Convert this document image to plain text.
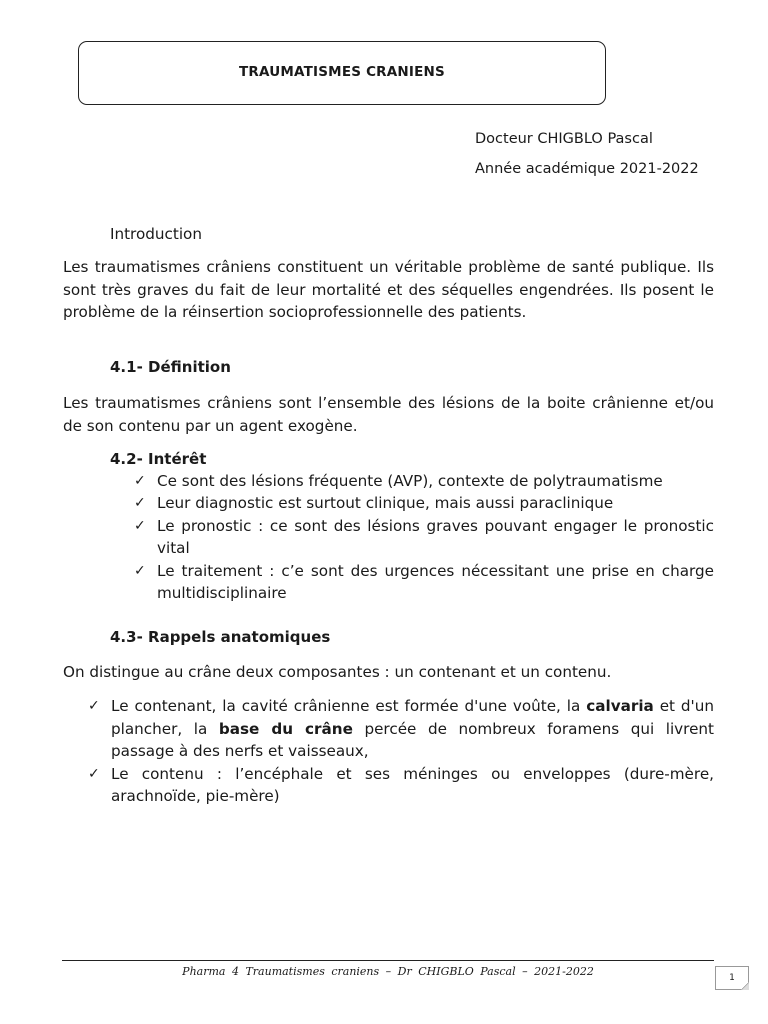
TRAUMATISMES CRANIENS
Docteur CHIGBLO Pascal
Année académique 2021-2022
Introduction
Les traumatismes crâniens constituent un véritable problème de santé publique. Ils sont très graves du fait de leur mortalité et des séquelles engendrées. Ils posent le problème de la réinsertion socioprofessionnelle des patients.
4.1- Définition
Les traumatismes crâniens sont l’ensemble des lésions de la boite crânienne et/ou de son contenu par un agent exogène.
4.2- Intérêt
✓ Ce sont des lésions fréquente (AVP), contexte de polytraumatisme
✓ Leur diagnostic est surtout clinique, mais aussi paraclinique
✓ Le pronostic : ce sont des lésions graves pouvant engager le pronostic vital
✓ Le traitement : c’e sont des urgences nécessitant une prise en charge multidisciplinaire
4.3- Rappels anatomiques
On distingue au crâne deux composantes : un contenant et un contenu.
✓ Le contenant, la cavité crânienne est formée d'une voûte, la calvaria et d'un plancher, la base du crâne percée de nombreux foramens qui livrent passage à des nerfs et vaisseaux,
✓ Le contenu : l’encéphale et ses méninges ou enveloppes (dure-mère, arachnoïde, pie-mère)
Pharma 4 Traumatismes craniens – Dr CHIGBLO Pascal – 2021-2022	1
